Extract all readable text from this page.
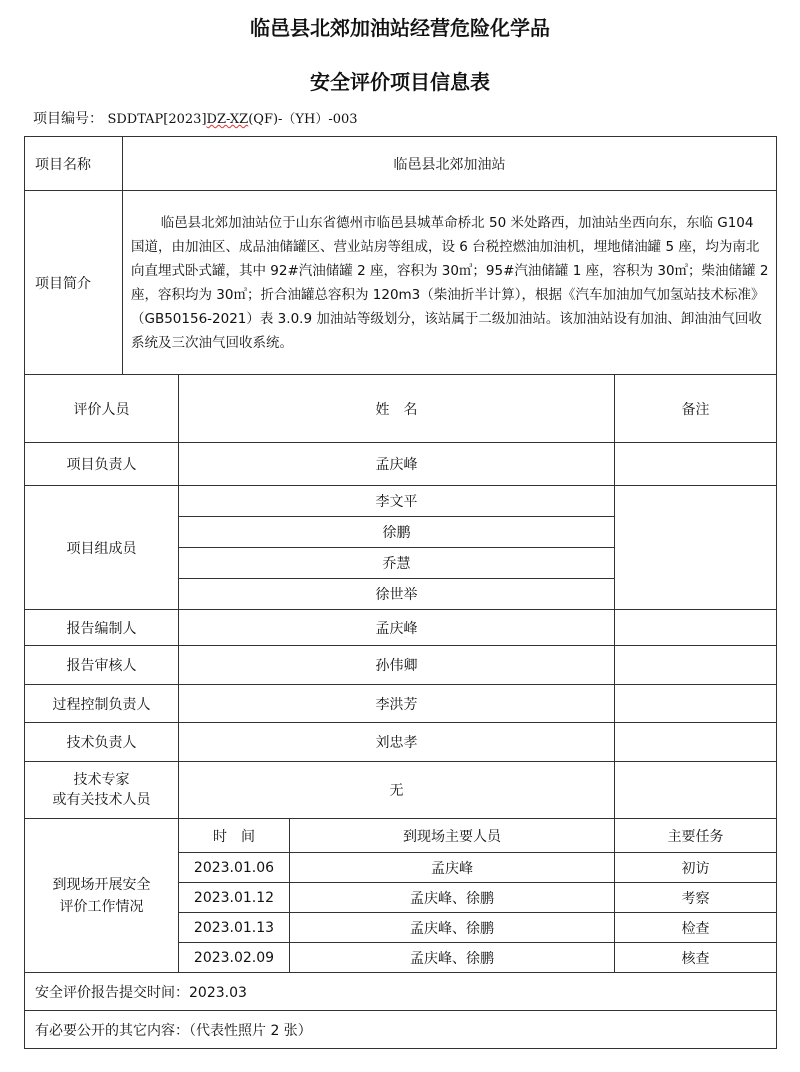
临邑县北郊加油站经营危险化学品
安全评价项目信息表
项目编号： SDDTAP[2023]DZ-XZ(QF)-（YH）-003
项目名称	临邑县北郊加油站			
项目简介	临邑县北郊加油站位于山东省德州市临邑县城革命桥北 50 米处路西，加油站坐西向东，东临 G104 国道，由加油区、成品油储罐区、营业站房等组成，设 6 台税控燃油加油机，埋地储油罐 5 座，均为南北向直埋式卧式罐，其中 92#汽油储罐 2 座，容积为 30㎥；95#汽油储罐 1 座，容积为 30㎥；柴油储罐 2 座，容积均为 30㎥；折合油罐总容积为 120m3（柴油折半计算），根据《汽车加油加气加氢站技术标准》（GB50156-2021）表 3.0.9 加油站等级划分，该站属于二级加油站。该加油站设有加油、卸油油气回收系统及三次油气回收系统。			
评价人员		姓　名		备注
项目负责人		孟庆峰		
项目组成员		李文平		
		徐鹏		
		乔慧		
		徐世举		
报告编制人		孟庆峰		
报告审核人		孙伟卿		
过程控制负责人		李洪芳		
技术负责人		刘忠孝		

技术专家
或有关技术人员		无		

到现场开展安全
评价工作情况		时　间	到现场主要人员	主要任务
		2023.01.06	孟庆峰	初访
		2023.01.12	孟庆峰、徐鹏	考察
		2023.01.13	孟庆峰、徐鹏	检查
		2023.02.09	孟庆峰、徐鹏	核查
安全评价报告提交时间：2023.03				
有必要公开的其它内容：（代表性照片 2 张）				
